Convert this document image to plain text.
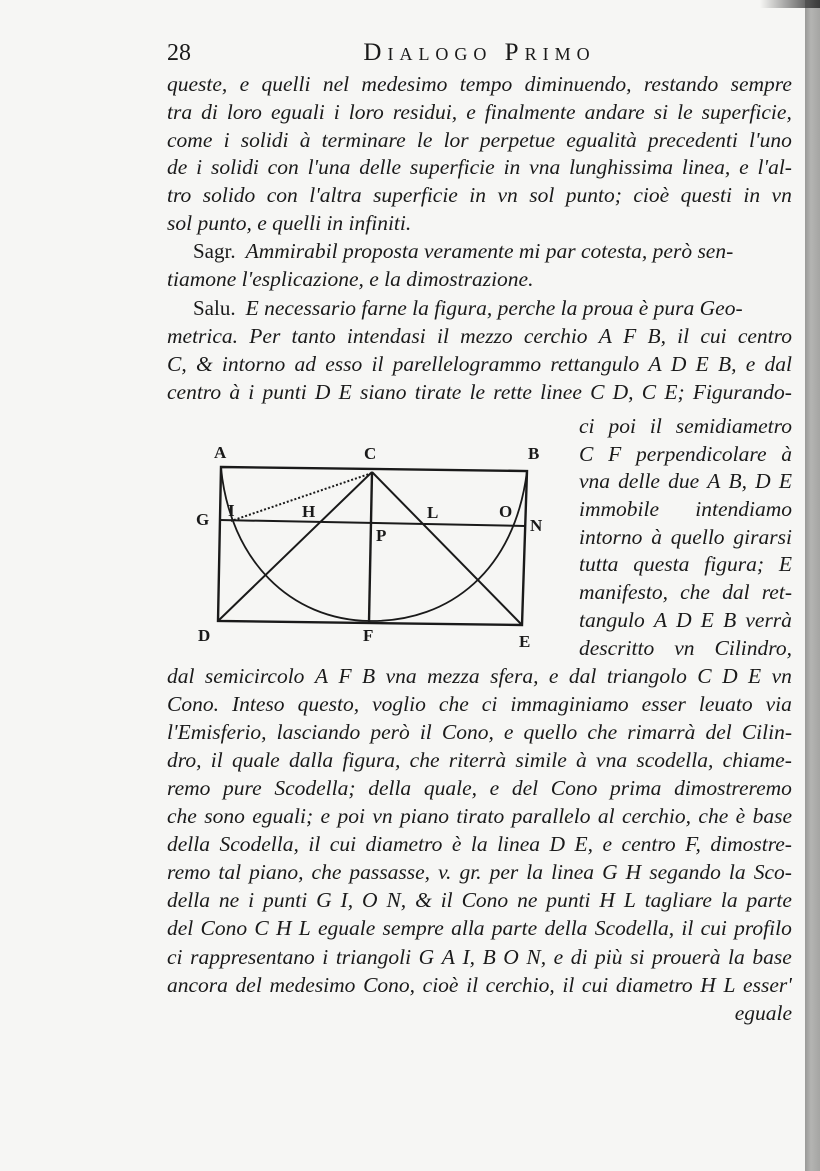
28	Dialogo Primo
queste, e quelli nel medesimo tempo diminuendo, restando sempre
tra di loro eguali i loro residui, e finalmente andare si le superficie,
come i solidi à terminare le lor perpetue egualità precedenti l'uno
de i solidi con l'una delle superficie in vna lunghissima linea, e l'al-
tro solido con l'altra superficie in vn sol punto; cioè questi in vn
sol punto, e quelli in infiniti.
Sagr. Ammirabil proposta veramente mi par cotesta, però sen-
tiamone l'esplicazione, e la dimostrazione.
Salu. E necessario farne la figura, perche la proua è pura Geo-
metrica. Per tanto intendasi il mezzo cerchio A F B, il cui centro
C, & intorno ad esso il parellelogrammo rettangulo A D E B, e dal
centro à i punti D E siano tirate le rette linee C D, C E; Figurando-
ci poi il semidiametro
C F perpendicolare à
vna delle due A B, D E
immobile intendiamo
intorno à quello girarsi
tutta questa figura; E
manifesto, che dal ret-
tangulo A D E B verrà
descritto vn Cilindro,
A	C	B
G I	H	L	O
N
P
D	F	E
dal semicircolo A F B vna mezza sfera, e dal triangolo C D E vn
Cono. Inteso questo, voglio che ci immaginiamo esser leuato via
l'Emisferio, lasciando però il Cono, e quello che rimarrà del Cilin-
dro, il quale dalla figura, che riterrà simile à vna scodella, chiame-
remo pure Scodella; della quale, e del Cono prima dimostreremo
che sono eguali; e poi vn piano tirato parallelo al cerchio, che è base
della Scodella, il cui diametro è la linea D E, e centro F, dimostre-
remo tal piano, che passasse, v. gr. per la linea G H segando la Sco-
della ne i punti G I, O N, & il Cono ne punti H L tagliare la parte
del Cono C H L eguale sempre alla parte della Scodella, il cui profilo
ci rappresentano i triangoli G A I, B O N, e di più si prouerà la base
ancora del medesimo Cono, cioè il cerchio, il cui diametro H L esser'
eguale
